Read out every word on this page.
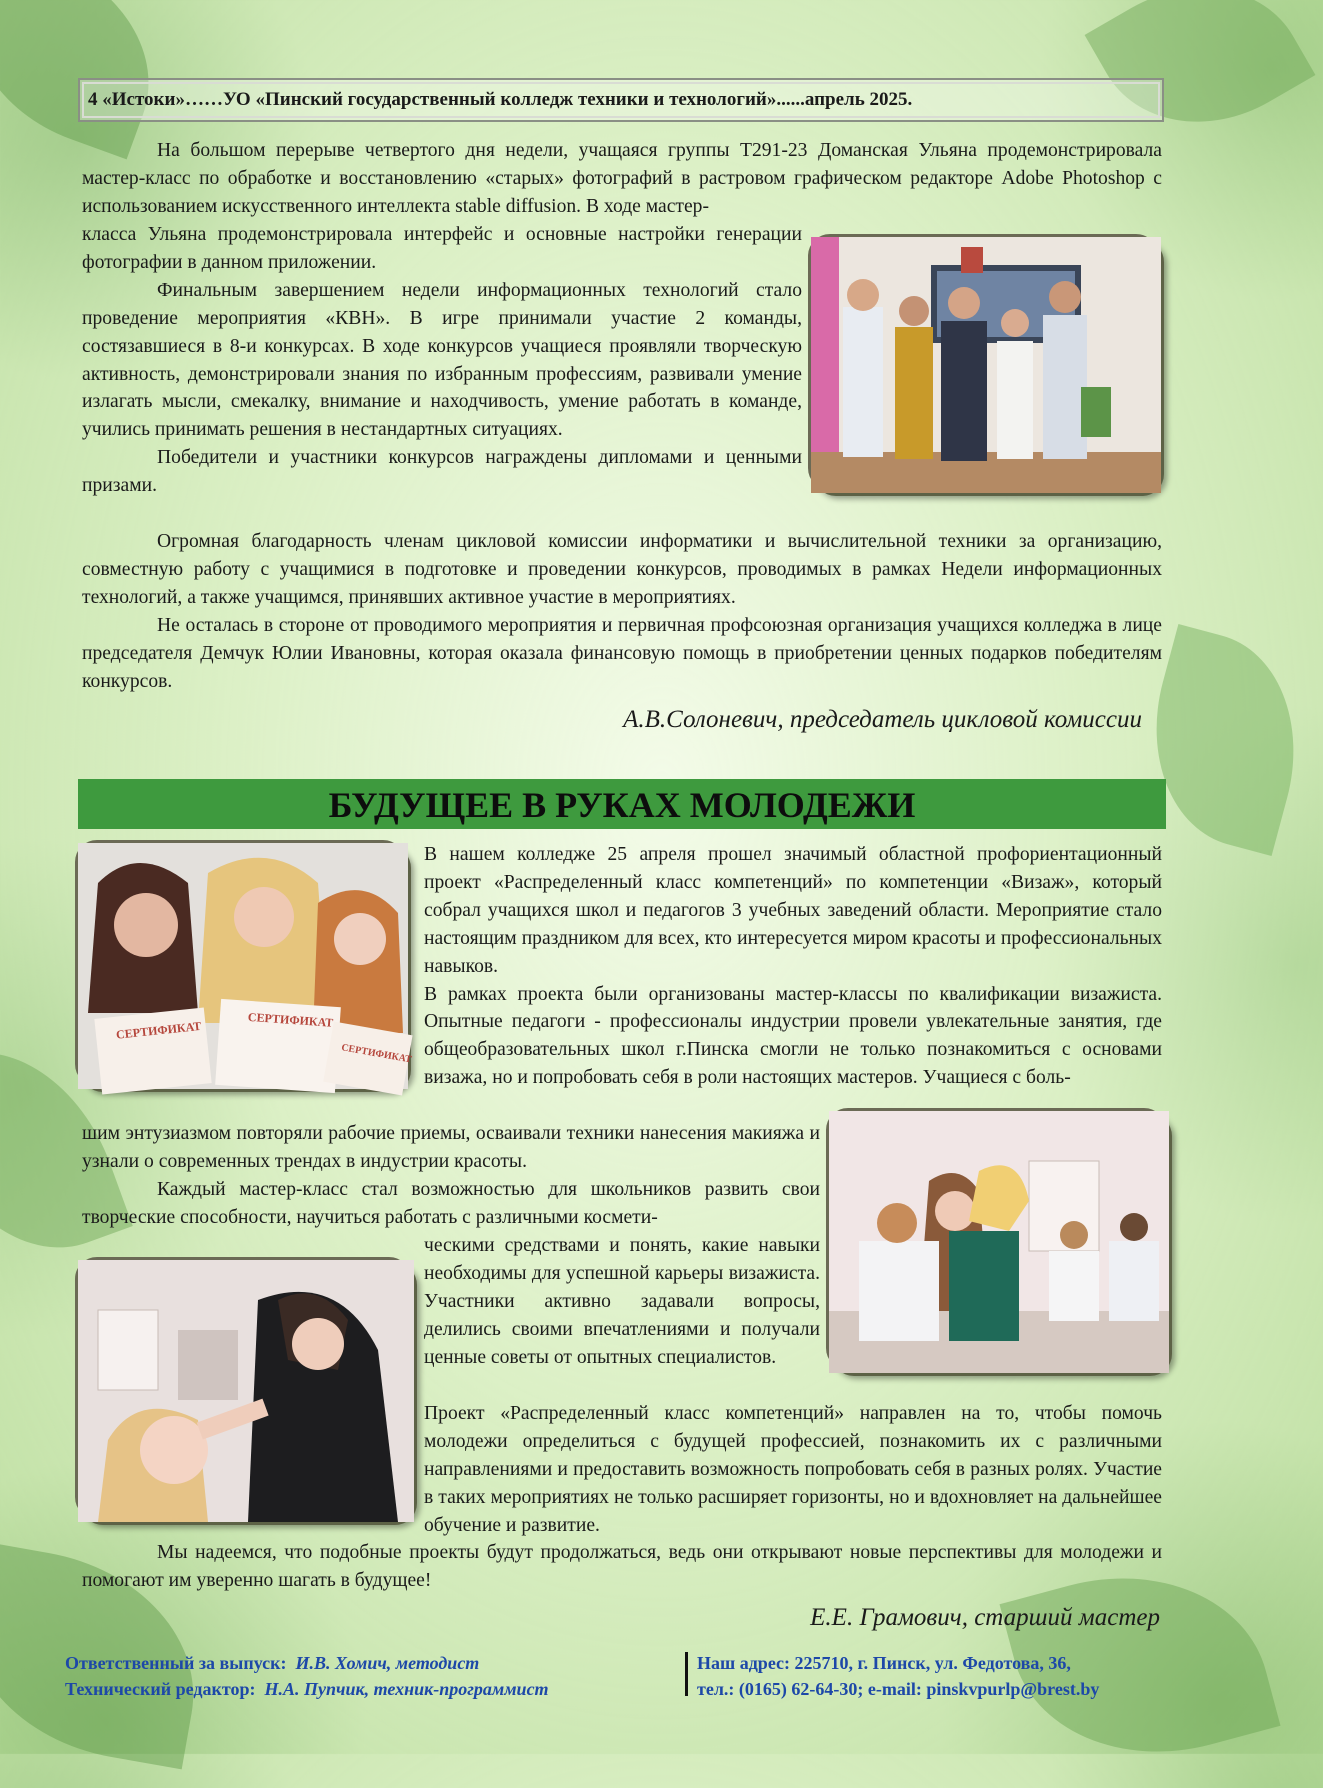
4 «Истоки»……УО «Пинский государственный колледж техники и технологий»......апрель 2025.

На большом перерыве четвертого дня недели, учащаяся группы Т291-23 Доманская Ульяна продемонстрировала мастер-класс по обработке и восстановлению «старых» фотографий в растровом графическом редакторе Adobe Photoshop с использованием искусственного интеллекта stable diffusion. В ходе мастер-

класса Ульяна продемонстрировала интерфейс и основные настройки генерации фотографии в данном приложении.

Финальным завершением недели информационных технологий стало проведение мероприятия «КВН». В игре принимали участие 2 команды, состязавшиеся в 8-и конкурсах. В ходе конкурсов учащиеся проявляли творческую активность, демонстрировали знания по избранным профессиям, развивали умение излагать мысли, смекалку, внимание и находчивость, умение работать в команде, учились принимать решения в нестандартных ситуациях.

Победители и участники конкурсов награждены дипломами и ценными призами.

Огромная благодарность членам цикловой комиссии информатики и вычислительной техники за организацию, совместную работу с учащимися в подготовке и проведении конкурсов, проводимых в рамках Недели информационных технологий, а также учащимся, принявших активное участие в мероприятиях.

Не осталась в стороне от проводимого мероприятия и первичная профсоюзная организация учащихся колледжа в лице председателя Демчук Юлии Ивановны, которая оказала финансовую помощь в приобретении ценных подарков победителям конкурсов.

А.В.Солоневич, председатель цикловой комиссии
БУДУЩЕЕ В РУКАХ МОЛОДЕЖИ

В нашем колледже 25 апреля прошел значимый областной профориентационный проект «Распределенный класс компетенций» по компетенции «Визаж», который собрал учащихся школ и педагогов 3 учебных заведений области. Мероприятие стало настоящим праздником для всех, кто интересуется миром красоты и профессиональных навыков.

В рамках проекта были организованы мастер-классы по квалификации визажиста. Опытные педагоги - профессионалы индустрии провели увлекательные занятия, где общеобразовательных школ г.Пинска смогли не только познакомиться с основами визажа, но и попробовать себя в роли настоящих мастеров. Учащиеся с боль-

шим энтузиазмом повторяли рабочие приемы, осваивали техники нанесения макияжа и узнали о современных трендах в индустрии красоты.

Каждый мастер-класс стал возможностью для школьников развить свои творческие способности, научиться работать с различными космети-

ческими средствами и понять, какие навыки необходимы для успешной карьеры визажиста. Участники активно задавали вопросы, делились своими впечатлениями и получали ценные советы от опытных специалистов.

Проект «Распределенный класс компетенций» направлен на то, чтобы помочь молодежи определиться с будущей профессией, познакомить их с различными направлениями и предоставить возможность попробовать себя в разных ролях. Участие в таких мероприятиях не только расширяет горизонты, но и вдохновляет на дальнейшее обучение и развитие.

Мы надеемся, что подобные проекты будут продолжаться, ведь они открывают новые перспективы для молодежи и помогают им уверенно шагать в будущее!

Е.Е. Грамович, старший мастер
СЕРТИФИКАТ	СЕРТИФИКАТ
СЕРТИФИКАТ
Ответственный за выпуск: И.В. Хомич, методист
Технический редактор: Н.А. Пупчик, техник-программист
Наш адрес: 225710, г. Пинск, ул. Федотова, 36,
тел.: (0165) 62-64-30; e-mail: pinskvpurlp@brest.by
